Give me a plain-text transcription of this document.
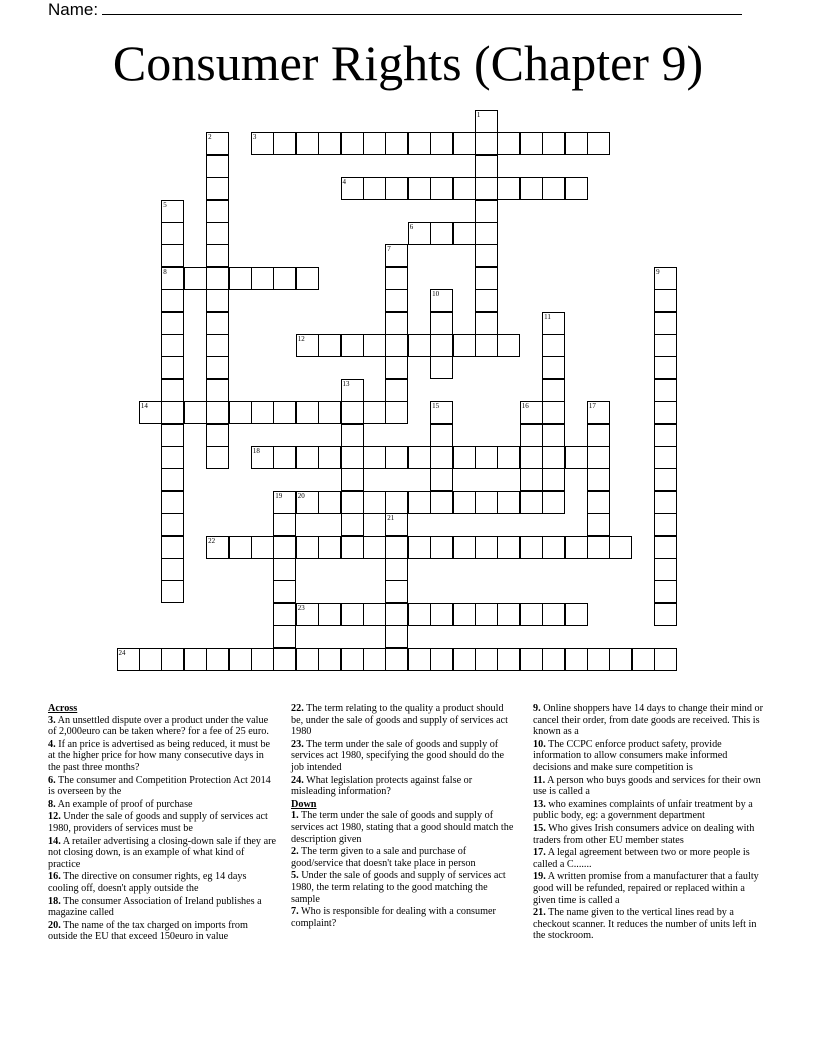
Name:
Consumer Rights (Chapter 9)
3
4
6
8
12
14
18
20
22
23
24
1
2
5
7
9
10
11
13
15	16	17
19
21
Across
3. An unsettled dispute over a product under the value of 2,000euro can be taken where? for a fee of 25 euro.
4. If an price is advertised as being reduced, it must be at the higher price for how many consecutive days in the past three months?
6. The consumer and Competition Protection Act 2014 is overseen by the
8. An example of proof of purchase
12. Under the sale of goods and supply of services act 1980, providers of services must be
14. A retailer advertising a closing-down sale if they are not closing down, is an example of what kind of practice
16. The directive on consumer rights, eg 14 days cooling off, doesn't apply outside the
18. The consumer Association of Ireland publishes a magazine called
20. The name of the tax charged on imports from outside the EU that exceed 150euro in value
22. The term relating to the quality a product should be, under the sale of goods and supply of services act 1980
23. The term under the sale of goods and supply of services act 1980, specifying the good should do the job intended
24. What legislation protects against false or misleading information?
Down
1. The term under the sale of goods and supply of services act 1980, stating that a good should match the description given
2. The term given to a sale and purchase of good/service that doesn't take place in person
5. Under the sale of goods and supply of services act 1980, the term relating to the good matching the sample
7. Who is responsible for dealing with a consumer complaint?
9. Online shoppers have 14 days to change their mind or cancel their order, from date goods are received. This is known as a
10. The CCPC enforce product safety, provide information to allow consumers make informed decisions and make sure competition is
11. A person who buys goods and services for their own use is called a
13. who examines complaints of unfair treatment by a public body, eg: a government department
15. Who gives Irish consumers advice on dealing with traders from other EU member states
17. A legal agreement between two or more people is called a C.......
19. A written promise from a manufacturer that a faulty good will be refunded, repaired or replaced within a given time is called a
21. The name given to the vertical lines read by a checkout scanner. It reduces the number of units left in the stockroom.
